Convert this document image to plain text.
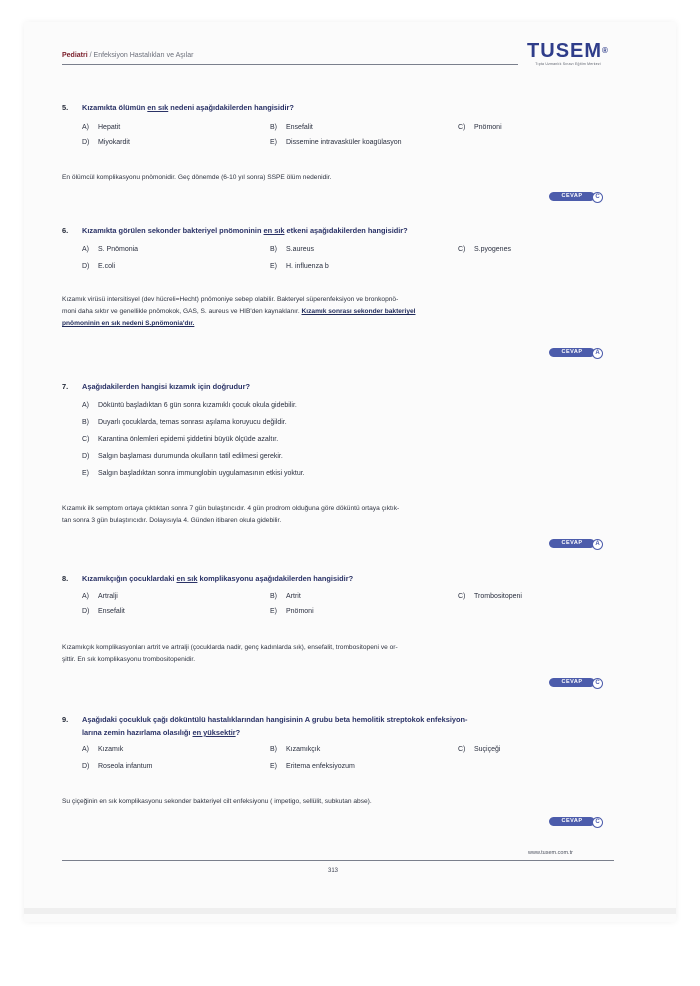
Pediatri / Enfeksiyon Hastalıkları ve Aşılar	TUSEM®
Tıpta Uzmanlık Sınavı Eğitim Merkezi
5. Kızamıkta ölümün en sık nedeni aşağıdakilerden hangisidir?
A) Hepatit	B) Ensefalit	C) Pnömoni
D) Miyokardit	E) Dissemine intravasküler koagülasyon
En ölümcül komplikasyonu pnömonidir. Geç dönemde (6-10 yıl sonra) SSPE ölüm nedenidir.
CEVAP	C
6. Kızamıkta görülen sekonder bakteriyel pnömoninin en sık etkeni aşağıdakilerden hangisidir?
A) S. Pnömonia	B) S.aureus	C) S.pyogenes
D) E.coli	E) H. influenza b
Kızamık virüsü intersitisyel (dev hücreli=Hecht) pnömoniye sebep olabilir. Bakteryel süperenfeksiyon ve bronkopnö-
moni daha sıktır ve genellikle pnömokok, GAS, S. aureus ve HIB'den kaynaklanır. Kızamık sonrası sekonder bakteriyel
pnömoninin en sık nedeni S.pnömonia'dır.
CEVAP	A
7. Aşağıdakilerden hangisi kızamık için doğrudur?
A) Döküntü başladıktan 6 gün sonra kızamıklı çocuk okula gidebilir.
B) Duyarlı çocuklarda, temas sonrası aşılama koruyucu değildir.
C) Karantina önlemleri epidemi şiddetini büyük ölçüde azaltır.
D) Salgın başlaması durumunda okulların tatil edilmesi gerekir.
E) Salgın başladıktan sonra immunglobin uygulamasının etkisi yoktur.
Kızamık ilk semptom ortaya çıktıktan sonra 7 gün bulaştırıcıdır. 4 gün prodrom olduğuna göre döküntü ortaya çıktık-
tan sonra 3 gün bulaştırıcıdır. Dolayısıyla 4. Günden itibaren okula gidebilir.
CEVAP	A
8. Kızamıkçığın çocuklardaki en sık komplikasyonu aşağıdakilerden hangisidir?
A) Artralji	B) Artrit	C) Trombositopeni
D) Ensefalit	E) Pnömoni
Kızamıkçık komplikasyonları artrit ve artralji (çocuklarda nadir, genç kadınlarda sık), ensefalit, trombositopeni ve or-
şittir. En sık komplikasyonu trombositopenidir.
CEVAP	C
9. Aşağıdaki çocukluk çağı döküntülü hastalıklarından hangisinin A grubu beta hemolitik streptokok enfeksiyon-
larına zemin hazırlama olasılığı en yüksektir?
A) Kızamık	B) Kızamıkçık	C) Suçiçeği
D) Roseola infantum	E) Eritema enfeksiyozum
Su çiçeğinin en sık komplikasyonu sekonder bakteriyel cilt enfeksiyonu ( impetigo, sellülit, subkutan abse).
CEVAP	C
www.tusem.com.tr
313
